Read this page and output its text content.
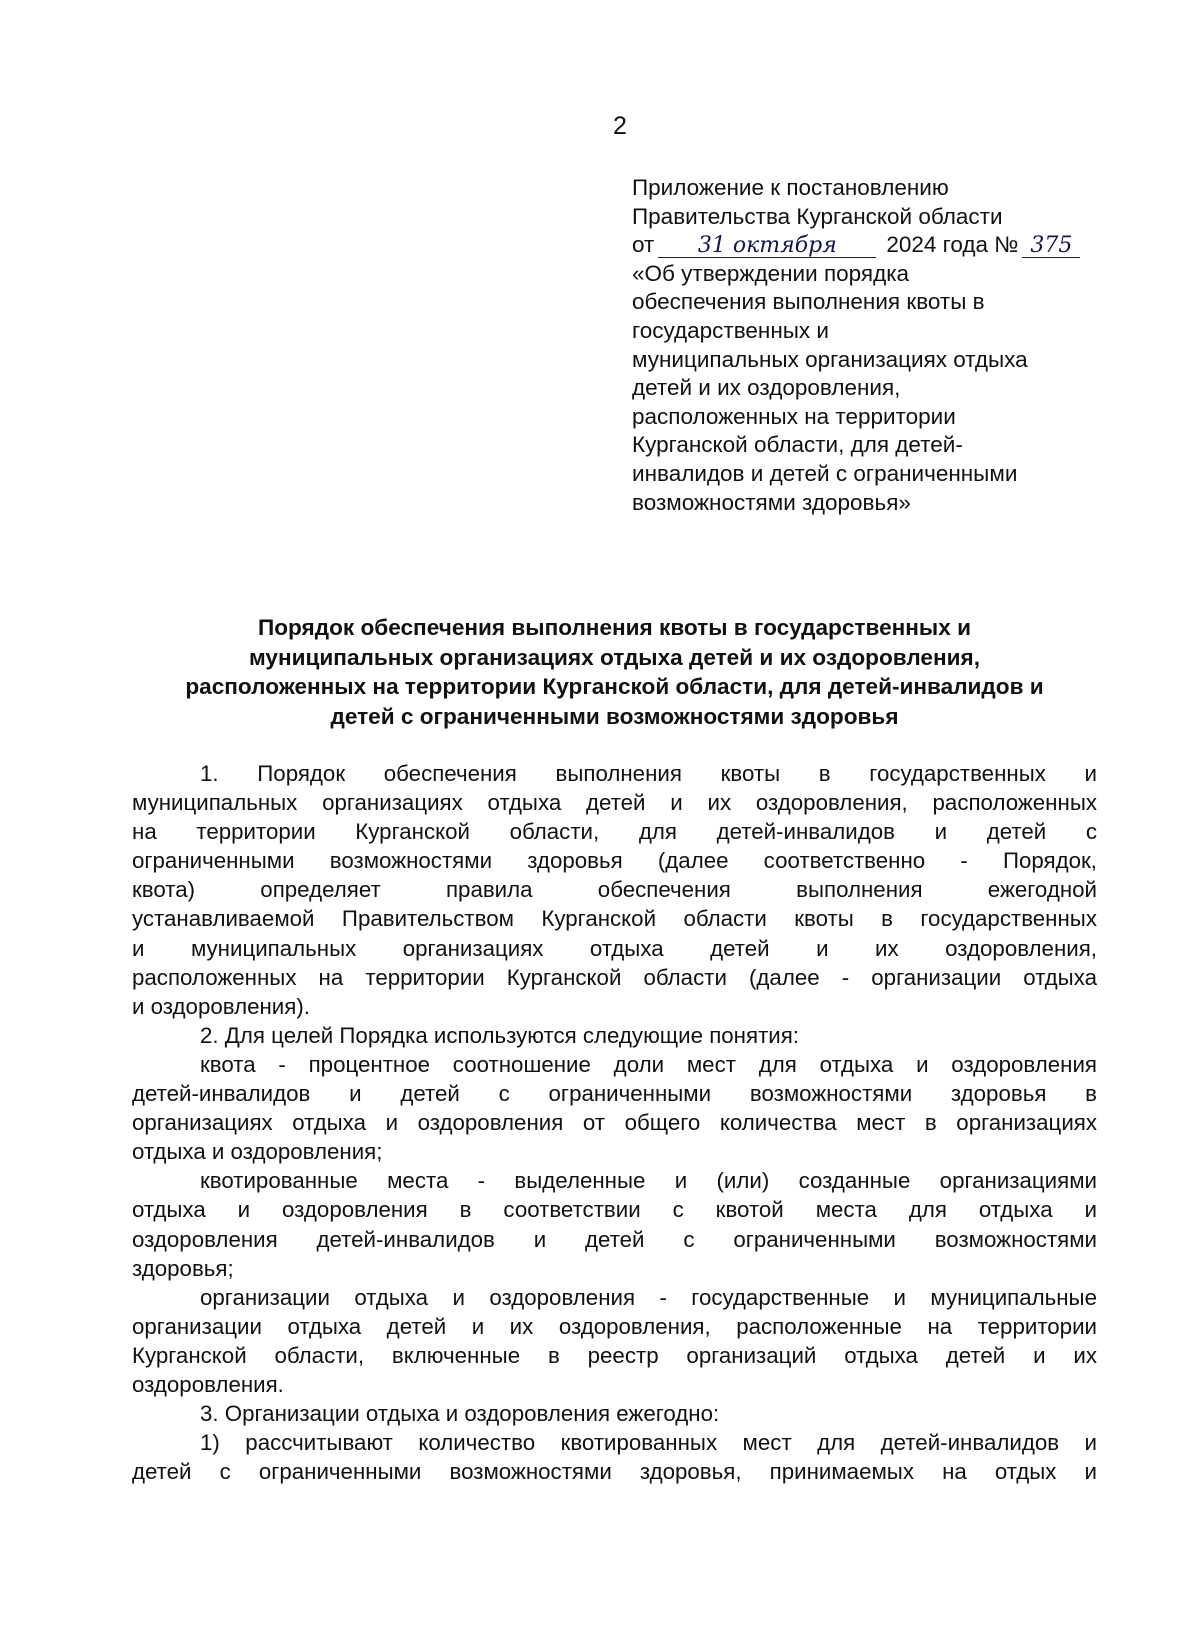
2
Приложение к постановлению
Правительства Курганской области
от 31 октября 2024 года № 375
«Об утверждении порядка
обеспечения выполнения квоты в
государственных и
муниципальных организациях отдыха
детей и их оздоровления,
расположенных на территории
Курганской области, для детей-
инвалидов и детей с ограниченными
возможностями здоровья»
Порядок обеспечения выполнения квоты в государственных и
муниципальных организациях отдыха детей и их оздоровления,
расположенных на территории Курганской области, для детей-инвалидов и
детей с ограниченными возможностями здоровья
1. Порядок обеспечения выполнения квоты в государственных и
муниципальных организациях отдыха детей и их оздоровления, расположенных
на территории Курганской области, для детей-инвалидов и детей с
ограниченными возможностями здоровья (далее соответственно - Порядок,
квота) определяет правила обеспечения выполнения ежегодной
устанавливаемой Правительством Курганской области квоты в государственных
и муниципальных организациях отдыха детей и их оздоровления,
расположенных на территории Курганской области (далее - организации отдыха
и оздоровления).
2. Для целей Порядка используются следующие понятия:
квота - процентное соотношение доли мест для отдыха и оздоровления
детей-инвалидов и детей с ограниченными возможностями здоровья в
организациях отдыха и оздоровления от общего количества мест в организациях
отдыха и оздоровления;
квотированные места - выделенные и (или) созданные организациями
отдыха и оздоровления в соответствии с квотой места для отдыха и
оздоровления детей-инвалидов и детей с ограниченными возможностями
здоровья;
организации отдыха и оздоровления - государственные и муниципальные
организации отдыха детей и их оздоровления, расположенные на территории
Курганской области, включенные в реестр организаций отдыха детей и их
оздоровления.
3. Организации отдыха и оздоровления ежегодно:
1) рассчитывают количество квотированных мест для детей-инвалидов и
детей с ограниченными возможностями здоровья, принимаемых на отдых и
